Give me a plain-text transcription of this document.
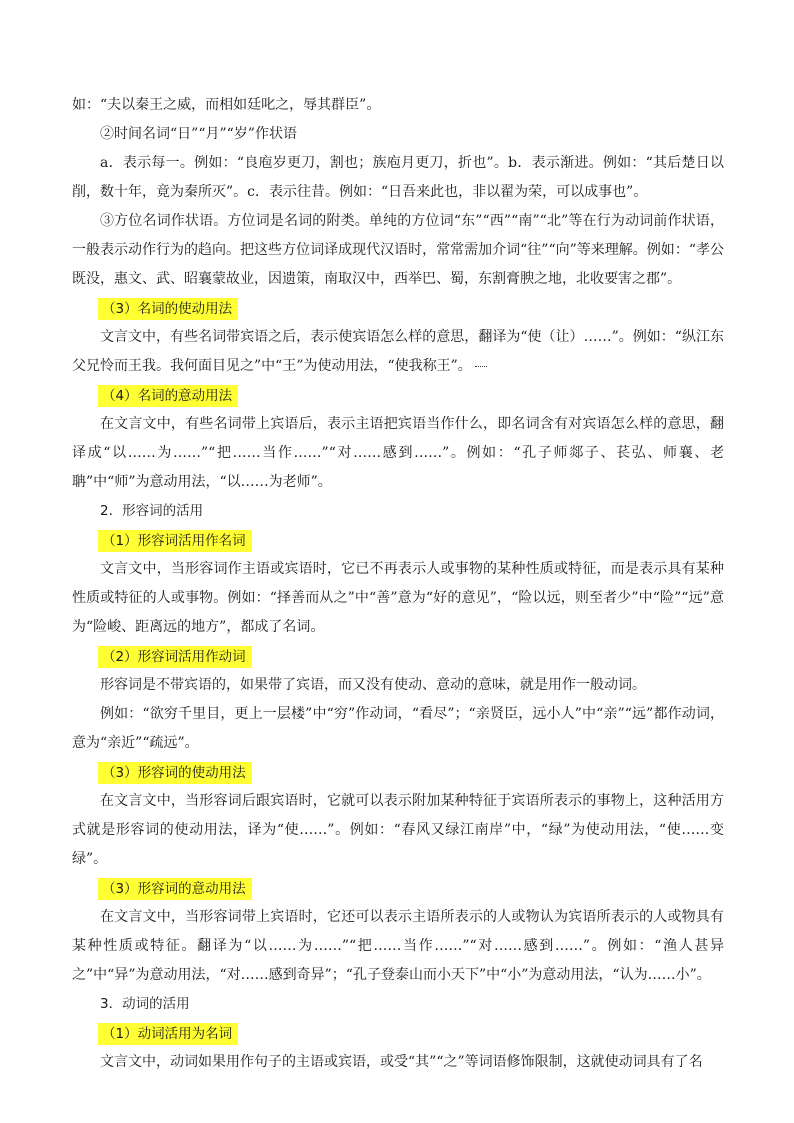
如：“夫以秦王之威，而相如廷叱之，辱其群臣”。

②时间名词“日”“月”“岁”作状语

a．表示每一。例如：“良庖岁更刀，割也；族庖月更刀，折也”。b．表示渐进。例如：“其后楚日以削，数十年，竟为秦所灭”。c．表示往昔。例如：“日吾来此也，非以翟为荣，可以成事也”。

③方位名词作状语。方位词是名词的附类。单纯的方位词“东”“西”“南”“北”等在行为动词前作状语，一般表示动作行为的趋向。把这些方位词译成现代汉语时，常常需加介词“往”“向”等来理解。例如：“孝公既没，惠文、武、昭襄蒙故业，因遗策，南取汉中，西举巴、蜀，东割膏腴之地，北收要害之郡”。

（3）名词的使动用法

文言文中，有些名词带宾语之后，表示使宾语怎么样的意思，翻译为“使（让）……”。例如：“纵江东父兄怜而王我。我何面目见之”中“王”为使动用法，“使我称王”。

（4）名词的意动用法

在文言文中，有些名词带上宾语后，表示主语把宾语当作什么，即名词含有对宾语怎么样的意思，翻译成“以……为……”“把……当作……”“对……感到……”。例如：“孔子师郯子、苌弘、师襄、老聃”中“师”为意动用法，“以……为老师”。

2．形容词的活用

（1）形容词活用作名词

文言文中，当形容词作主语或宾语时，它已不再表示人或事物的某种性质或特征，而是表示具有某种性质或特征的人或事物。例如：“择善而从之”中“善”意为“好的意见”，“险以远，则至者少”中“险”“远”意为“险峻、距离远的地方”，都成了名词。

（2）形容词活用作动词

形容词是不带宾语的，如果带了宾语，而又没有使动、意动的意味，就是用作一般动词。

例如：“欲穷千里目，更上一层楼”中“穷”作动词，“看尽”；“亲贤臣，远小人”中“亲”“远”都作动词，意为“亲近”“疏远”。

（3）形容词的使动用法

在文言文中，当形容词后跟宾语时，它就可以表示附加某种特征于宾语所表示的事物上，这种活用方式就是形容词的使动用法，译为“使……”。例如：“春风又绿江南岸”中，“绿”为使动用法，“使……变绿”。

（3）形容词的意动用法

在文言文中，当形容词带上宾语时，它还可以表示主语所表示的人或物认为宾语所表示的人或物具有某种性质或特征。翻译为“以……为……”“把……当作……”“对……感到……”。例如：“渔人甚异之”中“异”为意动用法，“对……感到奇异”；“孔子登泰山而小天下”中“小”为意动用法，“认为……小”。

3．动词的活用

（1）动词活用为名词

文言文中，动词如果用作句子的主语或宾语，或受“其”“之”等词语修饰限制，这就使动词具有了名
